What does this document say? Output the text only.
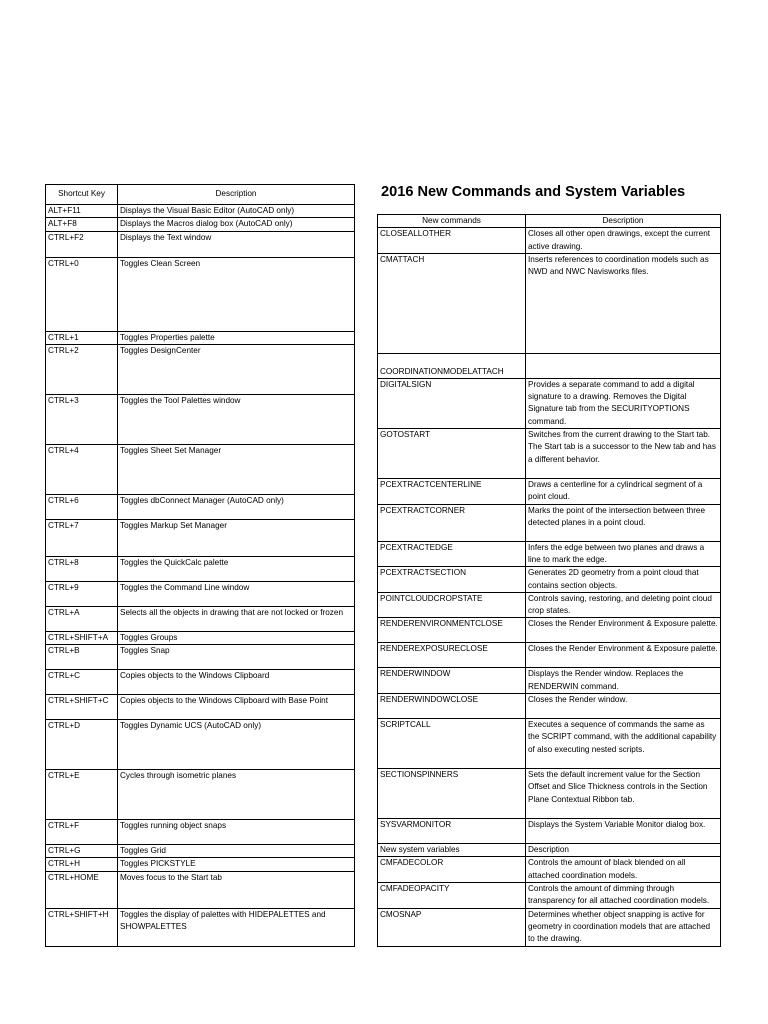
2016 New Commands and System Variables
Shortcut Key	Description
ALT+F11	Displays the Visual Basic Editor (AutoCAD only)
ALT+F8	Displays the Macros dialog box (AutoCAD only)
CTRL+F2	Displays the Text window
CTRL+0	Toggles Clean Screen
CTRL+1	Toggles Properties palette
CTRL+2	Toggles DesignCenter
CTRL+3	Toggles the Tool Palettes window
CTRL+4	Toggles Sheet Set Manager
CTRL+6	Toggles dbConnect Manager (AutoCAD only)
CTRL+7	Toggles Markup Set Manager
CTRL+8	Toggles the QuickCalc palette
CTRL+9	Toggles the Command Line window
CTRL+A	Selects all the objects in drawing that are not locked or frozen
CTRL+SHIFT+A	Toggles Groups
CTRL+B	Toggles Snap
CTRL+C	Copies objects to the Windows Clipboard
CTRL+SHIFT+C	Copies objects to the Windows Clipboard with Base Point
CTRL+D	Toggles Dynamic UCS (AutoCAD only)
CTRL+E	Cycles through isometric planes
CTRL+F	Toggles running object snaps
CTRL+G	Toggles Grid
CTRL+H	Toggles PICKSTYLE
CTRL+HOME	Moves focus to the Start tab
CTRL+SHIFT+H	Toggles the display of palettes with HIDEPALETTES and SHOWPALETTES
New commands	Description
CLOSEALLOTHER	Closes all other open drawings, except the current active drawing.
CMATTACH	Inserts references to coordination models such as NWD and NWC Navisworks files.
COORDINATIONMODELATTACH	
DIGITALSIGN	Provides a separate command to add a digital signature to a drawing. Removes the Digital Signature tab from the SECURITYOPTIONS command.
GOTOSTART	Switches from the current drawing to the Start tab. The Start tab is a successor to the New tab and has a different behavior.
PCEXTRACTCENTERLINE	Draws a centerline for a cylindrical segment of a point cloud.
PCEXTRACTCORNER	Marks the point of the intersection between three detected planes in a point cloud.
PCEXTRACTEDGE	Infers the edge between two planes and draws a line to mark the edge.
PCEXTRACTSECTION	Generates 2D geometry from a point cloud that contains section objects.
POINTCLOUDCROPSTATE	Controls saving, restoring, and deleting point cloud crop states.
RENDERENVIRONMENTCLOSE	Closes the Render Environment & Exposure palette.
RENDEREXPOSURECLOSE	Closes the Render Environment & Exposure palette.
RENDERWINDOW	Displays the Render window. Replaces the RENDERWIN command.
RENDERWINDOWCLOSE	Closes the Render window.
SCRIPTCALL	Executes a sequence of commands the same as the SCRIPT command, with the additional capability of also executing nested scripts.
SECTIONSPINNERS	Sets the default increment value for the Section Offset and Slice Thickness controls in the Section Plane Contextual Ribbon tab.
SYSVARMONITOR	Displays the System Variable Monitor dialog box.
New system variables	Description
CMFADECOLOR	Controls the amount of black blended on all attached coordination models.
CMFADEOPACITY	Controls the amount of dimming through transparency for all attached coordination models.
CMOSNAP	Determines whether object snapping is active for geometry in coordination models that are attached to the drawing.
